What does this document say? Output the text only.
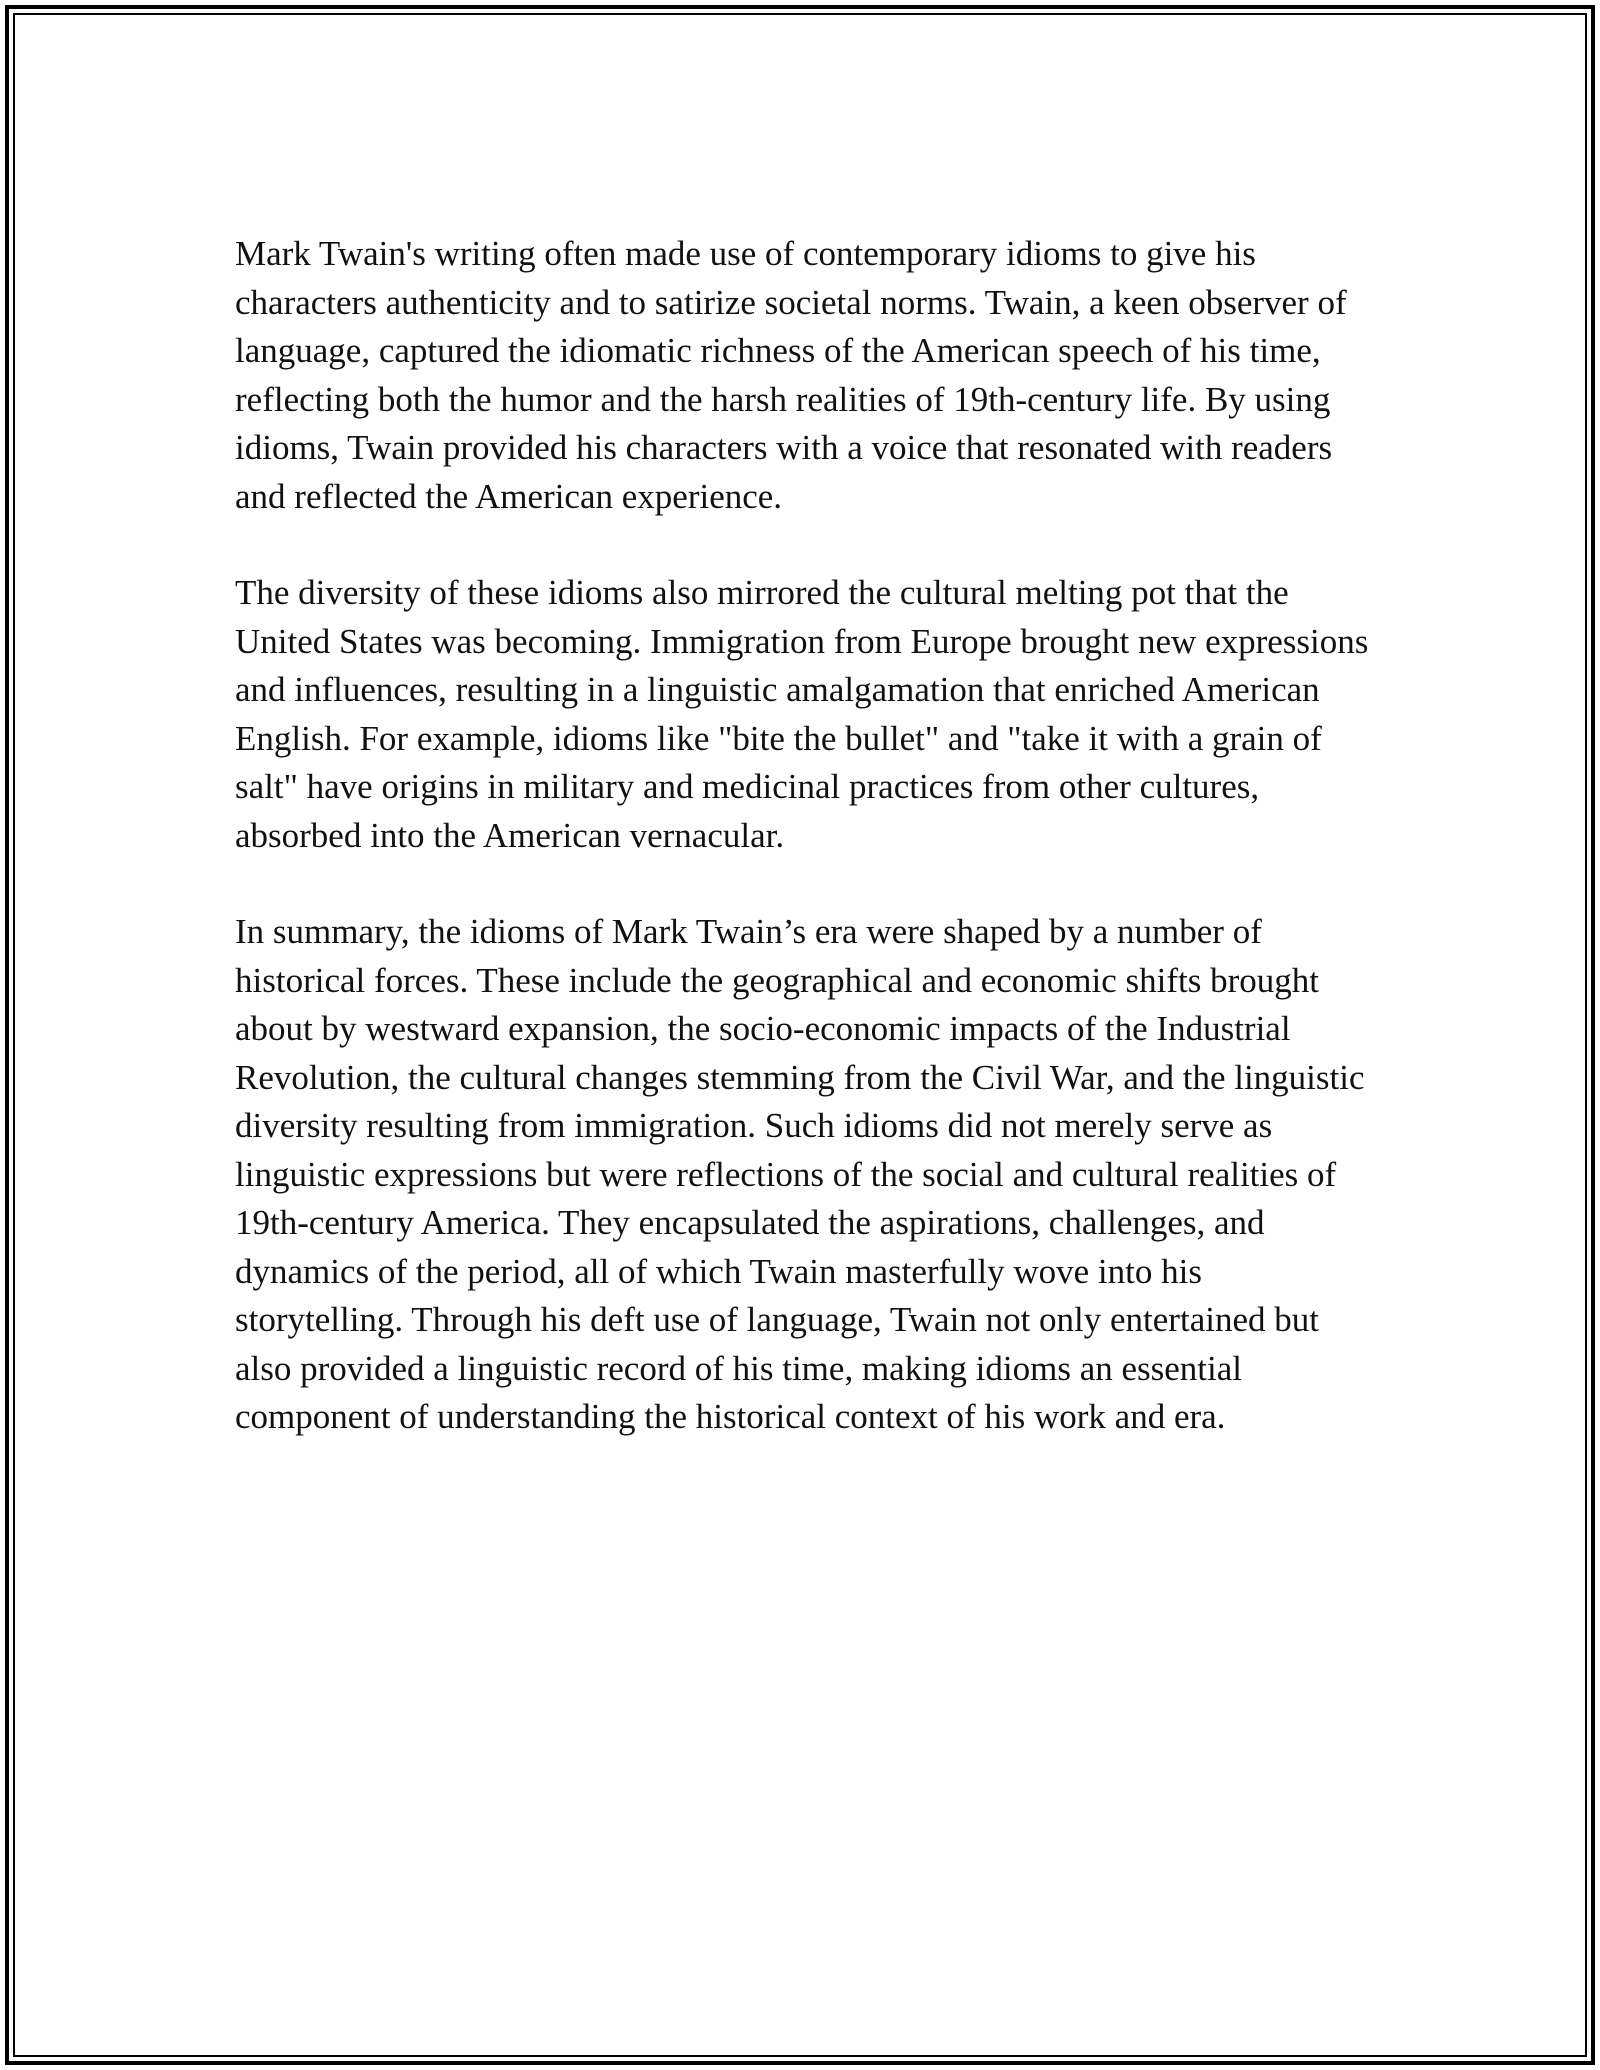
Mark Twain's writing often made use of contemporary idioms to give his characters authenticity and to satirize societal norms. Twain, a keen observer of language, captured the idiomatic richness of the American speech of his time, reflecting both the humor and the harsh realities of 19th-century life. By using idioms, Twain provided his characters with a voice that resonated with readers and reflected the American experience.

The diversity of these idioms also mirrored the cultural melting pot that the United States was becoming. Immigration from Europe brought new expressions and influences, resulting in a linguistic amalgamation that enriched American English. For example, idioms like "bite the bullet" and "take it with a grain of salt" have origins in military and medicinal practices from other cultures, absorbed into the American vernacular.

In summary, the idioms of Mark Twain’s era were shaped by a number of historical forces. These include the geographical and economic shifts brought about by westward expansion, the socio-economic impacts of the Industrial Revolution, the cultural changes stemming from the Civil War, and the linguistic diversity resulting from immigration. Such idioms did not merely serve as linguistic expressions but were reflections of the social and cultural realities of 19th-century America. They encapsulated the aspirations, challenges, and dynamics of the period, all of which Twain masterfully wove into his storytelling. Through his deft use of language, Twain not only entertained but also provided a linguistic record of his time, making idioms an essential component of understanding the historical context of his work and era.
